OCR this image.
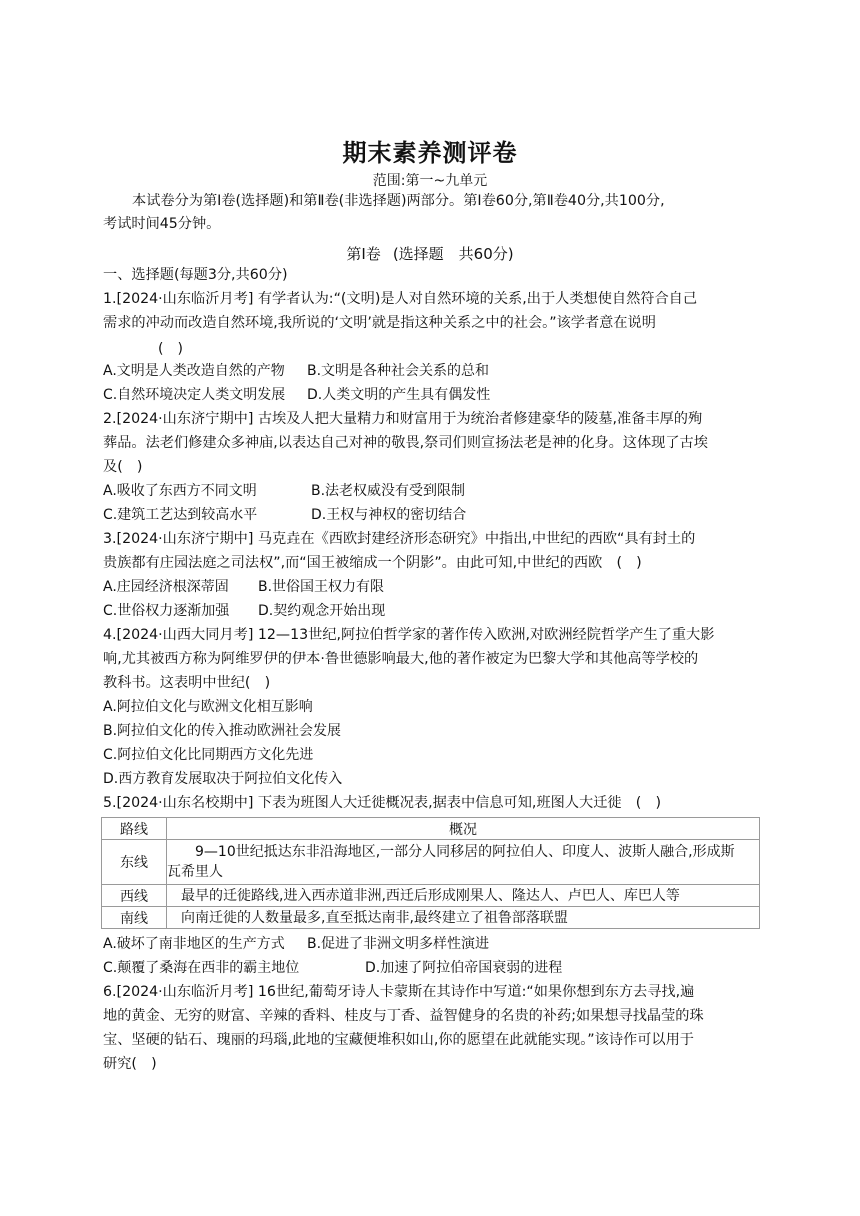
期末素养测评卷
范围:第一~九单元
本试卷分为第Ⅰ卷(选择题)和第Ⅱ卷(非选择题)两部分。第Ⅰ卷60分,第Ⅱ卷40分,共100分,
考试时间45分钟。
第Ⅰ卷 (选择题　共60分)
一、选择题(每题3分,共60分)
1.[2024·山东临沂月考] 有学者认为:“(文明)是人对自然环境的关系,出于人类想使自然符合自己
需求的冲动而改造自然环境,我所说的‘文明’就是指这种关系之中的社会。”该学者意在说明
(　)
A.文明是人类改造自然的产物 B.文明是各种社会关系的总和
C.自然环境决定人类文明发展 D.人类文明的产生具有偶发性
2.[2024·山东济宁期中] 古埃及人把大量精力和财富用于为统治者修建豪华的陵墓,准备丰厚的殉
葬品。法老们修建众多神庙,以表达自己对神的敬畏,祭司们则宣扬法老是神的化身。这体现了古埃
及(　)
A.吸收了东西方不同文明	B.法老权威没有受到限制
C.建筑工艺达到较高水平	D.王权与神权的密切结合
3.[2024·山东济宁期中] 马克垚在《西欧封建经济形态研究》中指出,中世纪的西欧“具有封土的
贵族都有庄园法庭之司法权”,而“国王被缩成一个阴影”。由此可知,中世纪的西欧　(　)
A.庄园经济根深蒂固 B.世俗国王权力有限
C.世俗权力逐渐加强 D.契约观念开始出现
4.[2024·山西大同月考] 12—13世纪,阿拉伯哲学家的著作传入欧洲,对欧洲经院哲学产生了重大影
响,尤其被西方称为阿维罗伊的伊本·鲁世德影响最大,他的著作被定为巴黎大学和其他高等学校的
教科书。这表明中世纪(　)
A.阿拉伯文化与欧洲文化相互影响
B.阿拉伯文化的传入推动欧洲社会发展
C.阿拉伯文化比同期西方文化先进
D.西方教育发展取决于阿拉伯文化传入
5.[2024·山东名校期中] 下表为班图人大迁徙概况表,据表中信息可知,班图人大迁徙　(　)
路线	概况
东线	9—10世纪抵达东非沿海地区,一部分人同移居的阿拉伯人、印度人、波斯人融合,形成斯
瓦希里人

西线	最早的迁徙路线,进入西赤道非洲,西迁后形成刚果人、隆达人、卢巴人、库巴人等
南线	向南迁徙的人数量最多,直至抵达南非,最终建立了祖鲁部落联盟
A.破坏了南非地区的生产方式 B.促进了非洲文明多样性演进
C.颠覆了桑海在西非的霸主地位	D.加速了阿拉伯帝国衰弱的进程
6.[2024·山东临沂月考] 16世纪,葡萄牙诗人卡蒙斯在其诗作中写道:“如果你想到东方去寻找,遍
地的黄金、无穷的财富、辛辣的香料、桂皮与丁香、益智健身的名贵的补药;如果想寻找晶莹的珠
宝、坚硬的钻石、瑰丽的玛瑙,此地的宝藏便堆积如山,你的愿望在此就能实现。”该诗作可以用于
研究(　)
